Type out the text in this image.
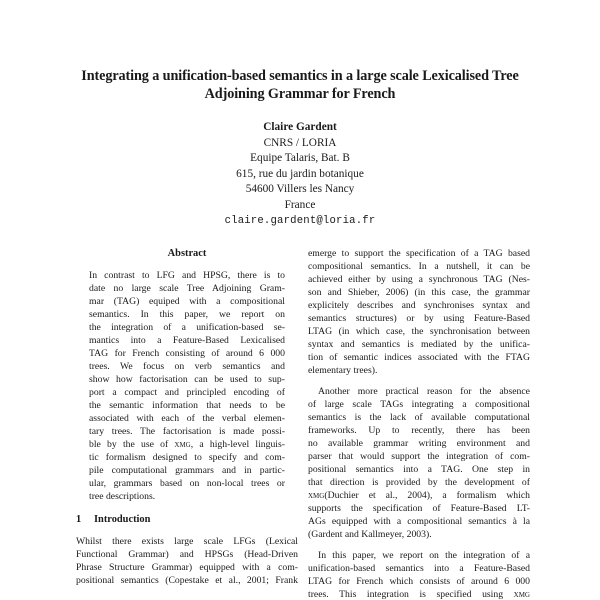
Integrating a unification-based semantics in a large scale Lexicalised Tree
Adjoining Grammar for French
Claire Gardent
CNRS / LORIA
Equipe Talaris, Bat. B
615, rue du jardin botanique
54600 Villers les Nancy
France
claire.gardent@loria.fr
Abstract
In contrast to LFG and HPSG, there is to
date no large scale Tree Adjoining Gram-
mar (TAG) equiped with a compositional
semantics. In this paper, we report on
the integration of a unification-based se-
mantics into a Feature-Based Lexicalised
TAG for French consisting of around 6 000
trees. We focus on verb semantics and
show how factorisation can be used to sup-
port a compact and principled encoding of
the semantic information that needs to be
associated with each of the verbal elemen-
tary trees. The factorisation is made possi-
ble by the use of xmg, a high-level linguis-
tic formalism designed to specify and com-
pile computational grammars and in partic-
ular, grammars based on non-local trees or
tree descriptions.
1 Introduction
Whilst there exists large scale LFGs (Lexical
Functional Grammar) and HPSGs (Head-Driven
Phrase Structure Grammar) equipped with a com-
positional semantics (Copestake et al., 2001; Frank
emerge to support the specification of a TAG based
compositional semantics. In a nutshell, it can be
achieved either by using a synchronous TAG (Nes-
son and Shieber, 2006) (in this case, the grammar
explicitely describes and synchronises syntax and
semantics structures) or by using Feature-Based
LTAG (in which case, the synchronisation between
syntax and semantics is mediated by the unifica-
tion of semantic indices associated with the FTAG
elementary trees).
Another more practical reason for the absence
of large scale TAGs integrating a compositional
semantics is the lack of available computational
frameworks. Up to recently, there has been
no available grammar writing environment and
parser that would support the integration of com-
positional semantics into a TAG. One step in
that direction is provided by the development of
xmg(Duchier et al., 2004), a formalism which
supports the specification of Feature-Based LT-
AGs equipped with a compositional semantics à la
(Gardent and Kallmeyer, 2003).
In this paper, we report on the integration of a
unification-based semantics into a Feature-Based
LTAG for French which consists of around 6 000
trees. This integration is specified using xmg
